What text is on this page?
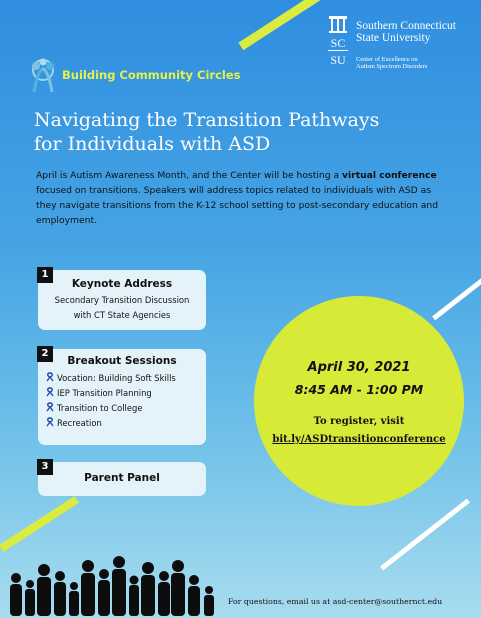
SC
SU
Southern Connecticut
State University
Center of Excellence on
Autism Spectrum Disorders
Building Community Circles
Navigating the Transition Pathways
for Individuals with ASD
April is Autism Awareness Month, and the Center will be hosting a virtual conference focused on transitions. Speakers will address topics related to individuals with ASD as they navigate transitions from the K-12 school setting to post-secondary education and employment.
1
Keynote Address
Secondary Transition Discussion
with CT State Agencies
2
Breakout Sessions
Vocation: Building Soft Skills
IEP Transition Planning
Transition to College
Recreation
3
Parent Panel
April 30, 2021
8:45 AM - 1:00 PM
To register, visit
bit.ly/ASDtransitionconference
For questions, email us at asd-center@southernct.edu
